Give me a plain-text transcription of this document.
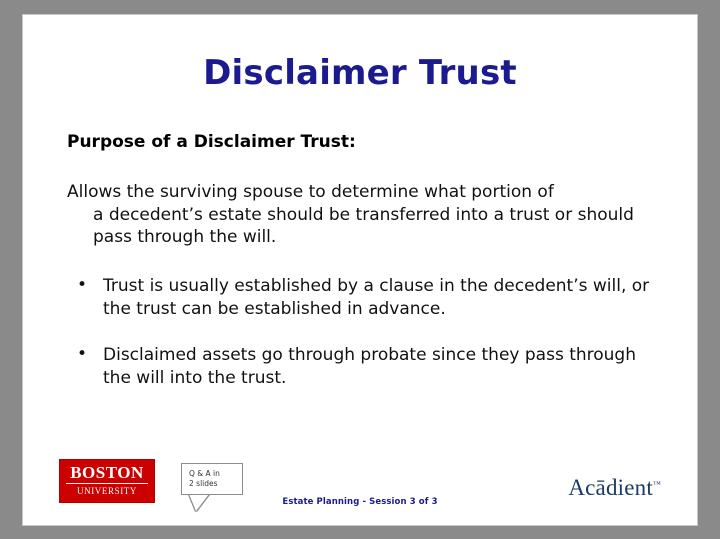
Disclaimer Trust
Purpose of a Disclaimer Trust:
Allows the surviving spouse to determine what portion of
a decedent’s estate should be transferred into a trust or should pass through the will.
• Trust is usually established by a clause in the decedent’s will, or the trust can be established in advance.
• Disclaimed assets go through probate since they pass through the will into the trust.
BOSTON
UNIVERSITY
Q & A in
2 slides
Estate Planning - Session 3 of 3
Acādient™
